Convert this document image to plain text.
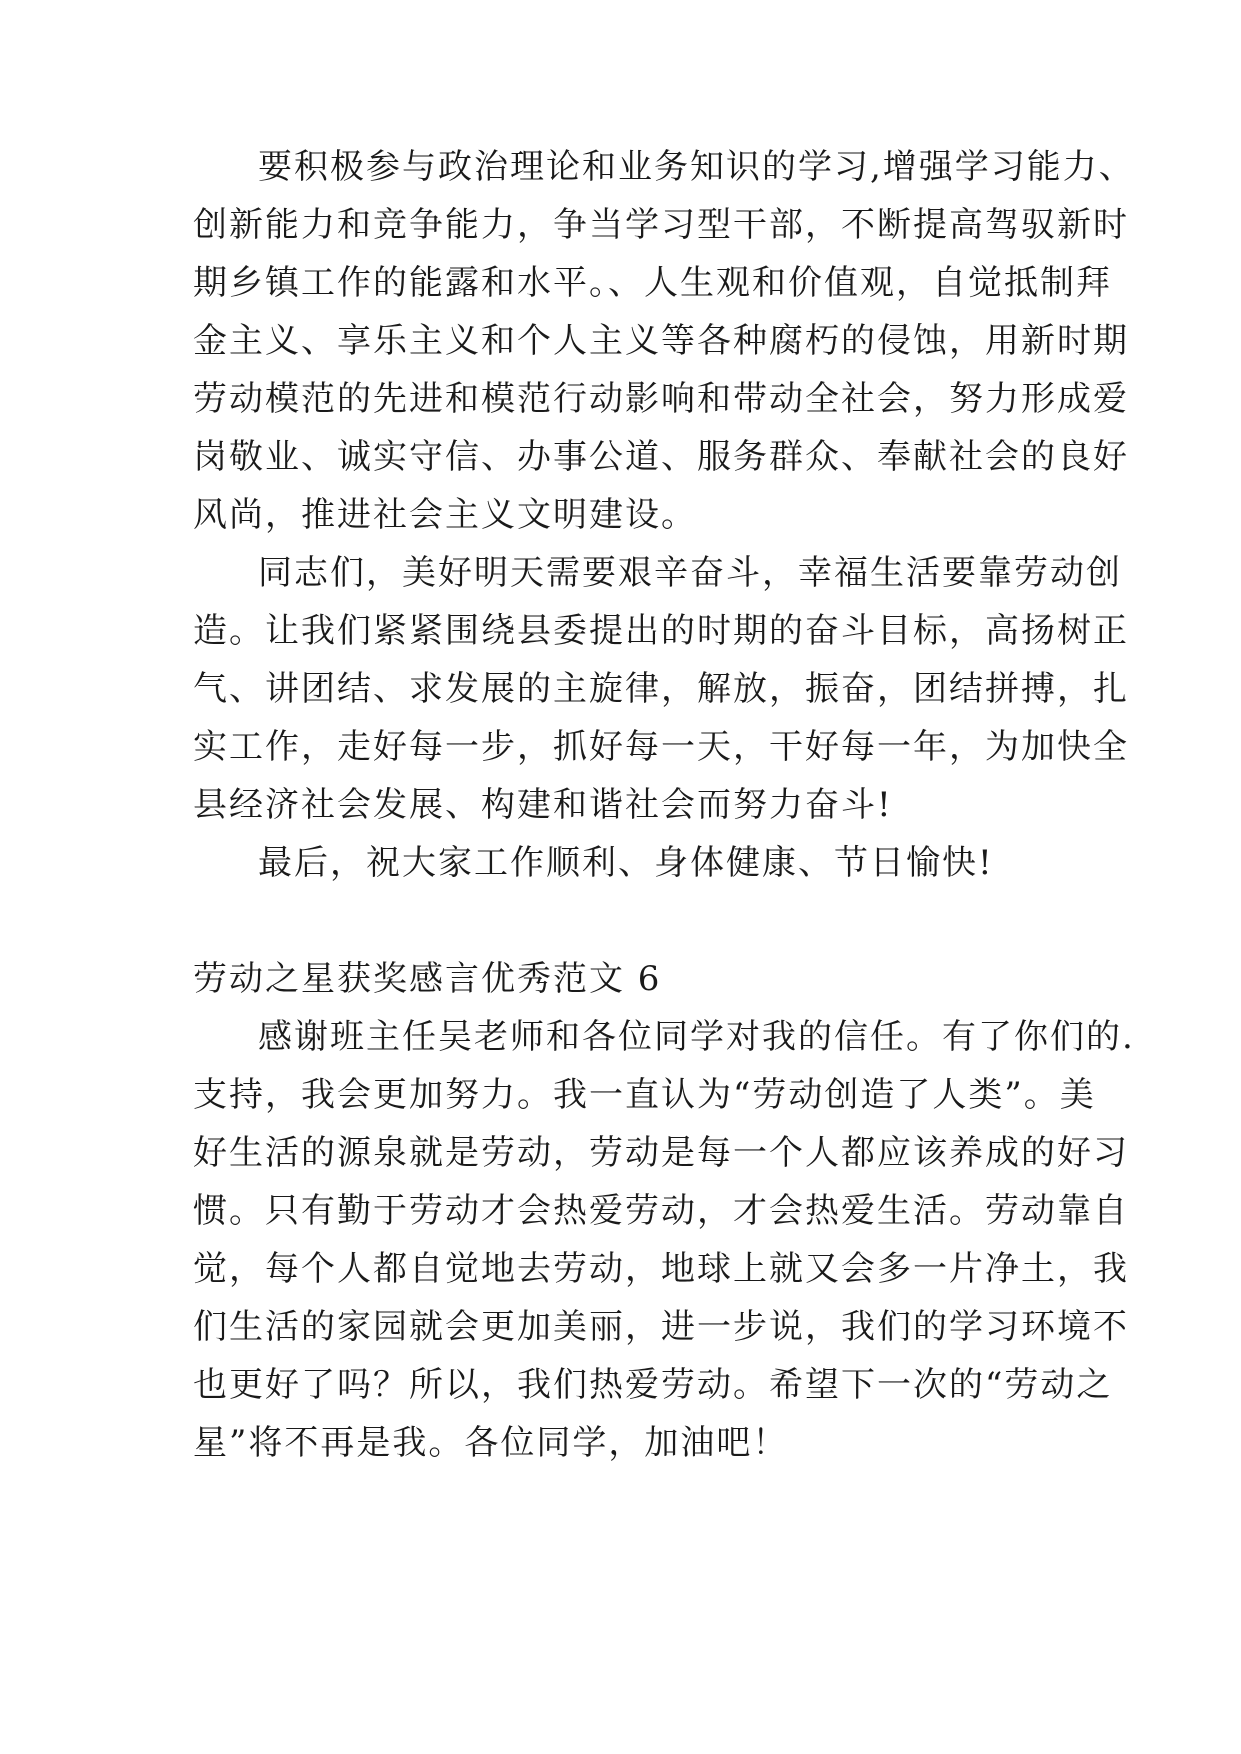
要积极参与政治理论和业务知识的学习,增强学习能力、
创新能力和竞争能力，争当学习型干部，不断提高驾驭新时
期乡镇工作的能露和水平。、人生观和价值观，自觉抵制拜
金主义、享乐主义和个人主义等各种腐朽的侵蚀，用新时期
劳动模范的先进和模范行动影响和带动全社会，努力形成爱
岗敬业、诚实守信、办事公道、服务群众、奉献社会的良好
风尚，推进社会主义文明建设。
同志们，美好明天需要艰辛奋斗，幸福生活要靠劳动创
造。让我们紧紧围绕县委提出的时期的奋斗目标，高扬树正
气、讲团结、求发展的主旋律，解放，振奋，团结拼搏，扎
实工作，走好每一步，抓好每一天，干好每一年，为加快全
县经济社会发展、构建和谐社会而努力奋斗!
最后，祝大家工作顺利、身体健康、节日愉快!
劳动之星获奖感言优秀范文 6
感谢班主任吴老师和各位同学对我的信任。有了你们的.
支持，我会更加努力。我一直认为“劳动创造了人类”。美
好生活的源泉就是劳动，劳动是每一个人都应该养成的好习
惯。只有勤于劳动才会热爱劳动，才会热爱生活。劳动靠自
觉，每个人都自觉地去劳动，地球上就又会多一片净土，我
们生活的家园就会更加美丽，进一步说，我们的学习环境不
也更好了吗？所以，我们热爱劳动。希望下一次的“劳动之
星”将不再是我。各位同学，加油吧！
